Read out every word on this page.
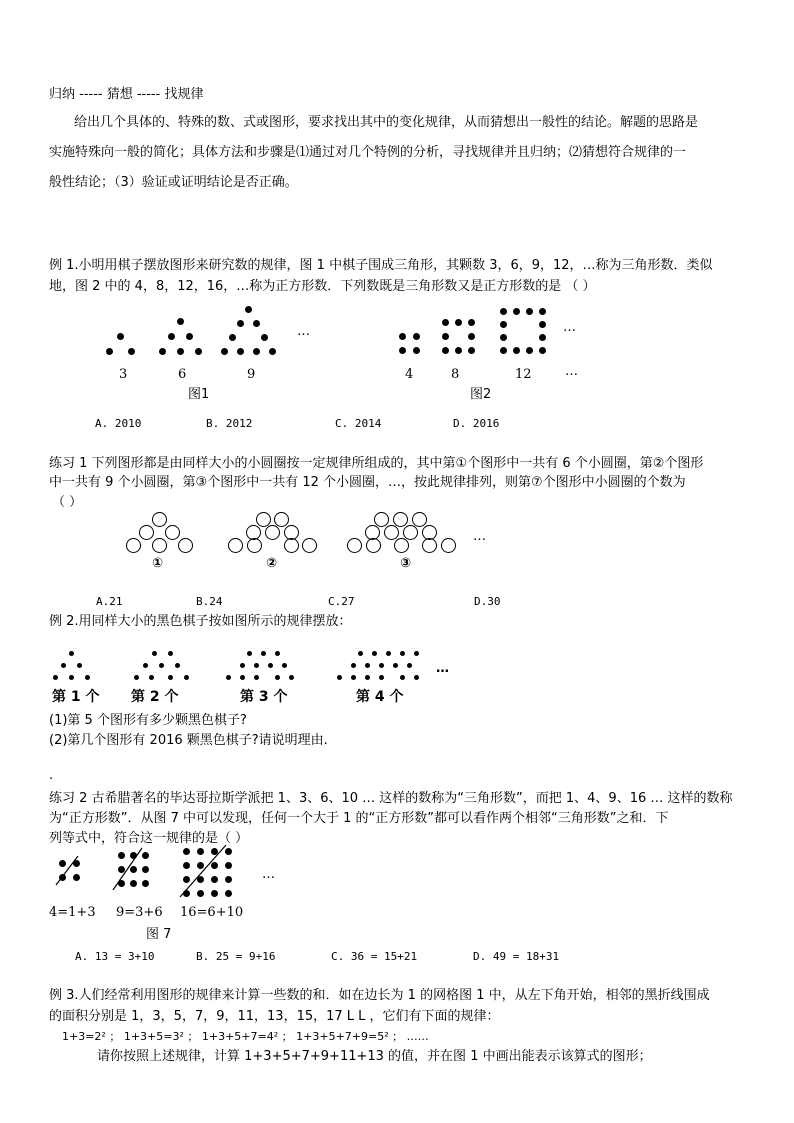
归纳 ----- 猜想 ----- 找规律
给出几个具体的、特殊的数、式或图形，要求找出其中的变化规律，从而猜想出一般性的结论。解题的思路是
实施特殊向一般的简化；具体方法和步骤是⑴通过对几个特例的分析，寻找规律并且归纳；⑵猜想符合规律的一
般性结论；（3）验证或证明结论是否正确。
例 1.小明用棋子摆放图形来研究数的规律，图 1 中棋子围成三角形，其颗数 3，6，9，12，…称为三角形数．类似
地，图 2 中的 4，8，12，16，…称为正方形数．下列数既是三角形数又是正方形数的是 （ ）
…
3	6	9
图1
…
…
4	8	12
图2
A. 2010	B. 2012	C. 2014	D. 2016
练习 1 下列图形都是由同样大小的小圆圈按一定规律所组成的，其中第①个图形中一共有 6 个小圆圈，第②个图形
中一共有 9 个小圆圈，第③个图形中一共有 12 个小圆圈，…，按此规律排列，则第⑦个图形中小圆圈的个数为
（ ）
…
①	②	③
A.21	B.24	C.27	D.30
例 2.用同样大小的黑色棋子按如图所示的规律摆放：
…
第 1 个 第 2 个	第 3 个	第 4 个
(1)第 5 个图形有多少颗黑色棋子?
(2)第几个图形有 2016 颗黑色棋子?请说明理由.
.
练习 2 古希腊著名的毕达哥拉斯学派把 1、3、6、10 … 这样的数称为“三角形数”，而把 1、4、9、16 … 这样的数称
为“正方形数”．从图 7 中可以发现，任何一个大于 1 的“正方形数”都可以看作两个相邻“三角形数”之和．下
列等式中，符合这一规律的是（ ）
…
4=1+3 9=3+6 16=6+10
图 7
A. 13 = 3+10	B. 25 = 9+16	C. 36 = 15+21	D. 49 = 18+31
例 3.人们经常利用图形的规律来计算一些数的和．如在边长为 1 的网格图 1 中，从左下角开始，相邻的黑折线围成
的面积分别是 1，3，5，7，9，11，13，15，17 L L ，它们有下面的规律：
1+3=2² ； 1+3+5=3² ； 1+3+5+7=4² ； 1+3+5+7+9=5² ； ……
请你按照上述规律，计算 1+3+5+7+9+11+13 的值，并在图 1 中画出能表示该算式的图形；
